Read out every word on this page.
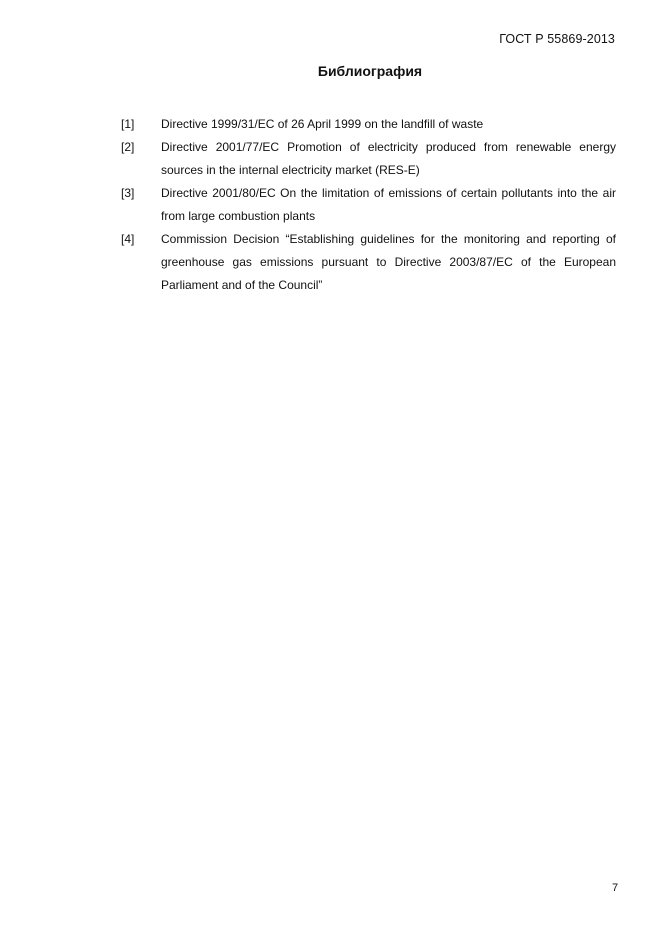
ГОСТ Р 55869-2013
Библиография
[1]	Directive 1999/31/EC of 26 April 1999 on the landfill of waste
[2]	Directive 2001/77/EC Promotion of electricity produced from renewable energy sources in the internal electricity market (RES-E)
[3]	Directive 2001/80/EC On the limitation of emissions of certain pollutants into the air from large combustion plants
[4]	Commission Decision “Establishing guidelines for the monitoring and reporting of greenhouse gas emissions pursuant to Directive 2003/87/EC of the European Parliament and of the Council”
7
